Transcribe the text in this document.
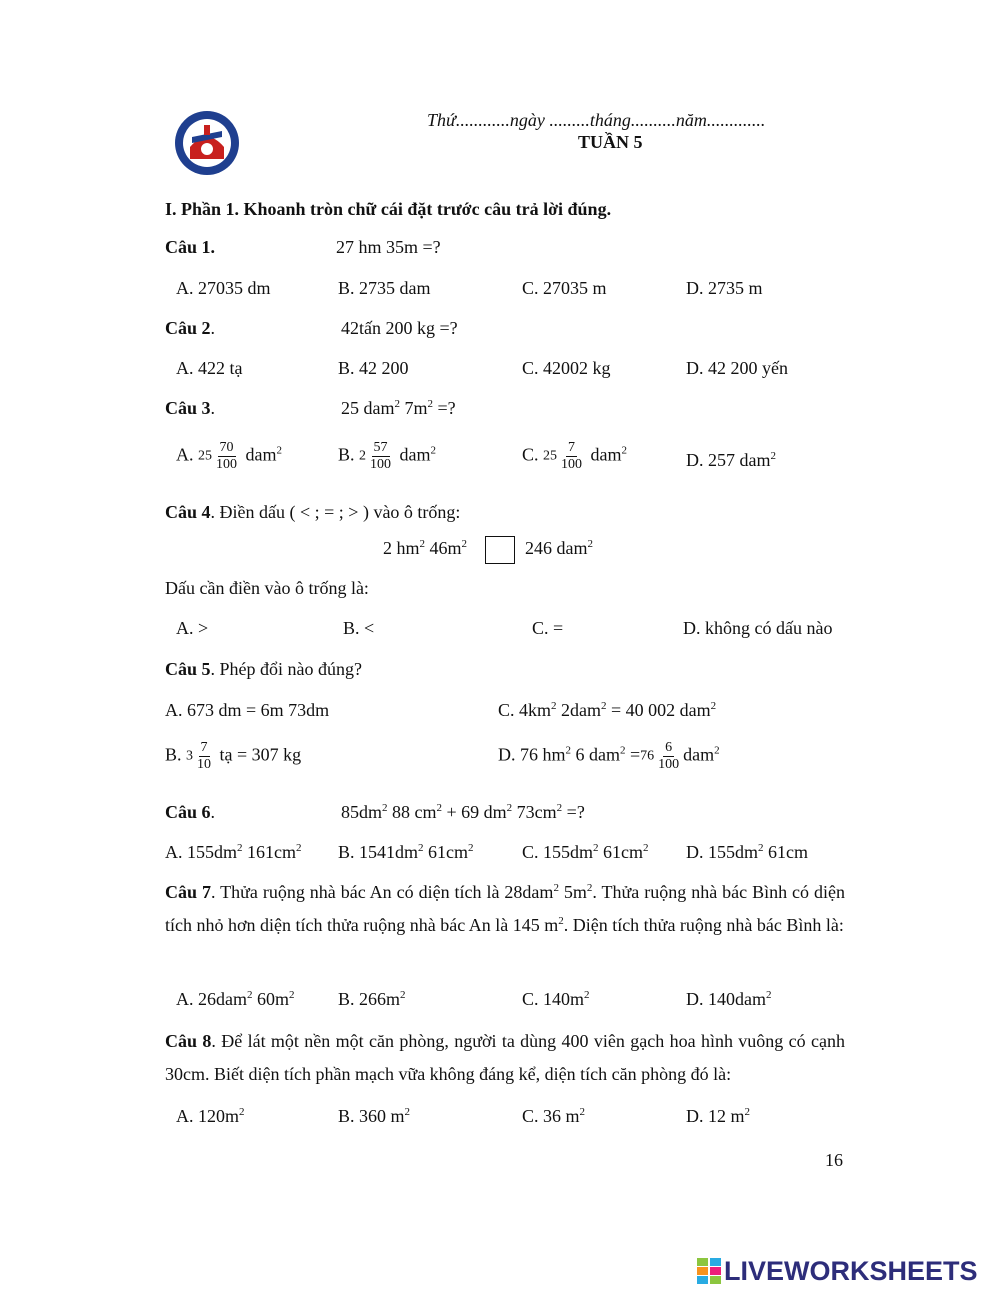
Thứ............ngày .........tháng..........năm.............
TUẦN 5
I. Phần 1. Khoanh tròn chữ cái đặt trước câu trả lời đúng.
Câu 1.	27 hm 35m =?
A. 27035 dm	B. 2735 dam	C. 27035 m	D. 2735 m
Câu 2.	42tấn 200 kg =?
A. 422 tạ	B. 42 200	C. 42002 kg	D. 42 200 yến
Câu 3.	25 dam$^2$ $7m^2$ =?
A. $25 \frac{70}{100} dam^2$	B. $2 \frac{57}{100} dam^2$	C. $25 \frac{7}{100} dam^2$	D. 257 dam$^2$
Câu 4. Điền dấu ( < ; = ; > ) vào ô trống:
2 $hm^2$ $46m^2$	246 dam$^2$
Dấu cần điền vào ô trống là:
A. >	B. <	C. =	D. không có dấu nào
Câu 5. Phép đổi nào đúng?
A. 673 dm = 6m 73dm	C. $4km^2$ 2dam$^2$ = 40 002 dam$^2$
B. $3 \frac{7}{10}$ tạ = 307 kg	D. 76 $hm^2$ 6 $dam^2 =76 \frac{6}{100} dam^2$
Câu 6.	$85dm^2$ 88 $cm^2 + 69$ $dm^2$ $73cm^2$ =?
A. $155dm^2$ $161cm^2$ B. $1541dm^2$ $61cm^2$	C. $155dm^2$ $61cm^2$ D. $155dm^2$ 61cm
Câu 7. Thửa ruộng nhà bác An có diện tích là 28dam$^2$ $5m^2$. Thửa ruộng nhà bác Bình có diện tích nhỏ hơn diện tích thửa ruộng nhà bác An là 145 $m^2$. Diện tích thửa ruộng nhà bác Bình là:
A. 26dam$^2$ $60m^2$ B. $266m^2$	C. $140m^2$	D. 140dam$^2$
Câu 8. Để lát một nền một căn phòng, người ta dùng 400 viên gạch hoa hình vuông có cạnh 30cm. Biết diện tích phần mạch vữa không đáng kể, diện tích căn phòng đó là:
A. $120m^2$	B. 360 $m^2$	C. 36 $m^2$	D. 12 $m^2$
16
LIVEWORKSHEETS
